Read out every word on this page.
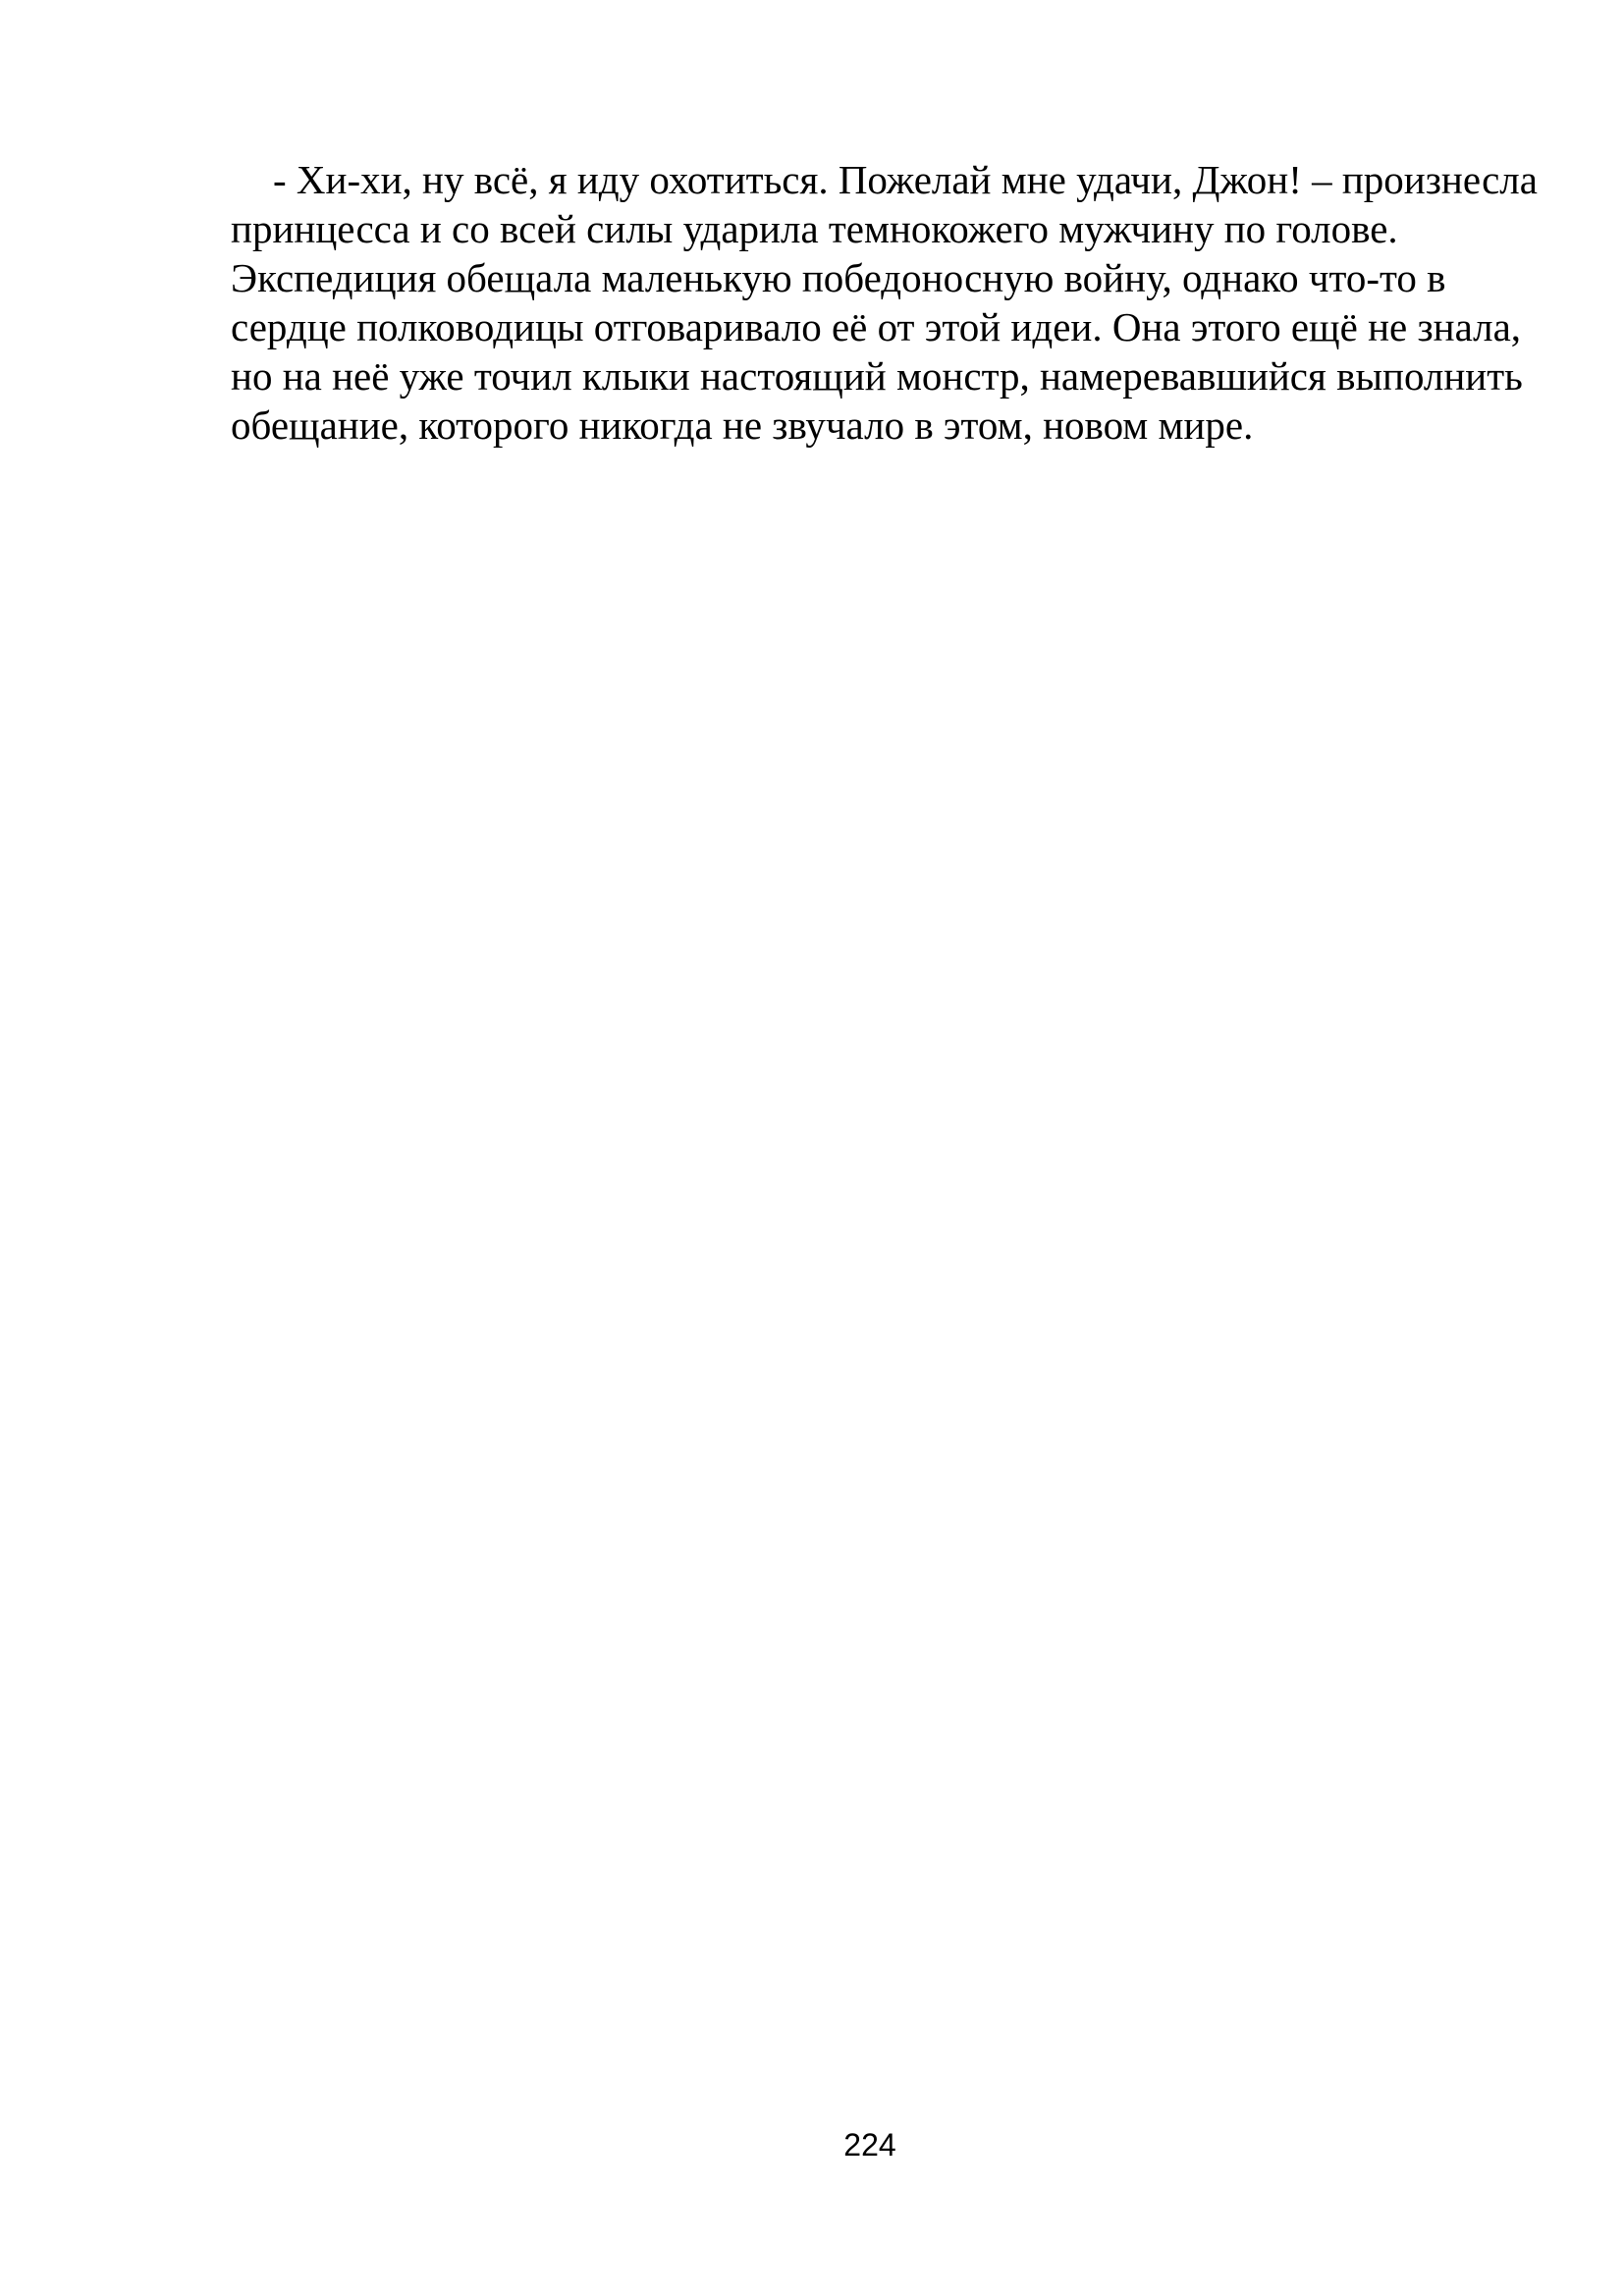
- Хи-хи, ну всё, я иду охотиться. Пожелай мне удачи, Джон! – произнесла
принцесса и со всей силы ударила темнокожего мужчину по голове.
Экспедиция обещала маленькую победоносную войну, однако что-то в
сердце полководицы отговаривало её от этой идеи. Она этого ещё не знала,
но на неё уже точил клыки настоящий монстр, намеревавшийся выполнить
обещание, которого никогда не звучало в этом, новом мире.
224
